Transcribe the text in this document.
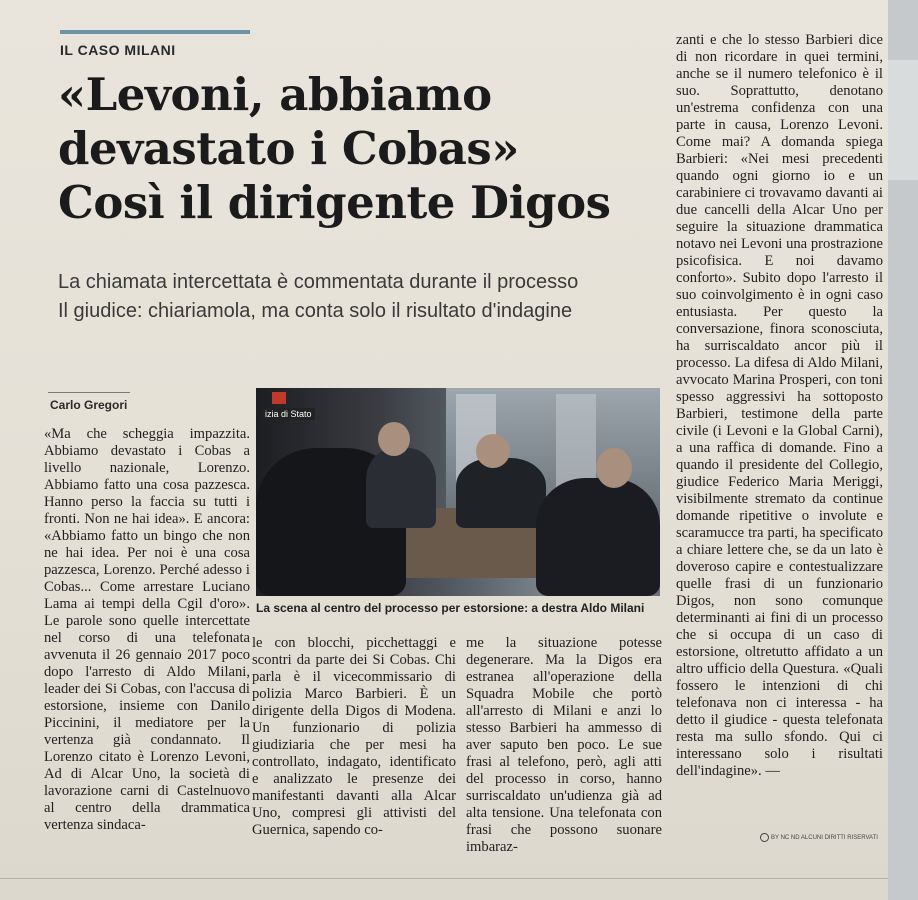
IL CASO MILANI
«Levoni, abbiamo
devastato i Cobas»
Così il dirigente Digos
La chiamata intercettata è commentata durante il processo
Il giudice: chiariamola, ma conta solo il risultato d'indagine
Carlo Gregori
«Ma che scheggia impazzita. Abbiamo devastato i Cobas a livello nazionale, Lorenzo. Abbiamo fatto una cosa pazzesca. Hanno perso la faccia su tutti i fronti. Non ne hai idea». E ancora: «Abbiamo fatto un bingo che non ne hai idea. Per noi è una cosa pazzesca, Lorenzo. Perché adesso i Cobas... Come arrestare Luciano Lama ai tempi della Cgil d'oro». Le parole sono quelle intercettate nel corso di una telefonata avvenuta il 26 gennaio 2017 poco dopo l'arresto di Aldo Milani, leader dei Si Cobas, con l'accusa di estorsione, insieme con Danilo Piccinini, il mediatore per la vertenza già condannato. Il Lorenzo citato è Lorenzo Levoni, Ad di Alcar Uno, la società di lavorazione carni di Castelnuovo al centro della drammatica vertenza sindaca-
izia di Stato
La scena al centro del processo per estorsione: a destra Aldo Milani
le con blocchi, picchettaggi e scontri da parte dei Si Cobas. Chi parla è il vicecommissario di polizia Marco Barbieri. È un dirigente della Digos di Modena. Un funzionario di polizia giudiziaria che per mesi ha controllato, indagato, identificato e analizzato le presenze dei manifestanti davanti alla Alcar Uno, compresi gli attivisti del Guernica, sapendo co-
me la situazione potesse degenerare. Ma la Digos era estranea all'operazione della Squadra Mobile che portò all'arresto di Milani e anzi lo stesso Barbieri ha ammesso di aver saputo ben poco. Le sue frasi al telefono, però, agli atti del processo in corso, hanno surriscaldato un'udienza già ad alta tensione. Una telefonata con frasi che possono suonare imbaraz-
zanti e che lo stesso Barbieri dice di non ricordare in quei termini, anche se il numero telefonico è il suo. Soprattutto, denotano un'estrema confidenza con una parte in causa, Lorenzo Levoni. Come mai? A domanda spiega Barbieri: «Nei mesi precedenti quando ogni giorno io e un carabiniere ci trovavamo davanti ai due cancelli della Alcar Uno per seguire la situazione drammatica notavo nei Levoni una prostrazione psicofisica. E noi davamo conforto». Subito dopo l'arresto il suo coinvolgimento è in ogni caso entusiasta. Per questo la conversazione, finora sconosciuta, ha surriscaldato ancor più il processo. La difesa di Aldo Milani, avvocato Marina Prosperi, con toni spesso aggressivi ha sottoposto Barbieri, testimone della parte civile (i Levoni e la Global Carni), a una raffica di domande. Fino a quando il presidente del Collegio, giudice Federico Maria Meriggi, visibilmente stremato da continue domande ripetitive o involute e scaramucce tra parti, ha specificato a chiare lettere che, se da un lato è doveroso capire e contestualizzare quelle frasi di un funzionario Digos, non sono comunque determinanti ai fini di un processo che si occupa di un caso di estorsione, oltretutto affidato a un altro ufficio della Questura. «Quali fossero le intenzioni di chi telefonava non ci interessa - ha detto il giudice - questa telefonata resta ma sullo sfondo. Qui ci interessano solo i risultati dell'indagine». —
BY NC ND ALCUNI DIRITTI RISERVATI
